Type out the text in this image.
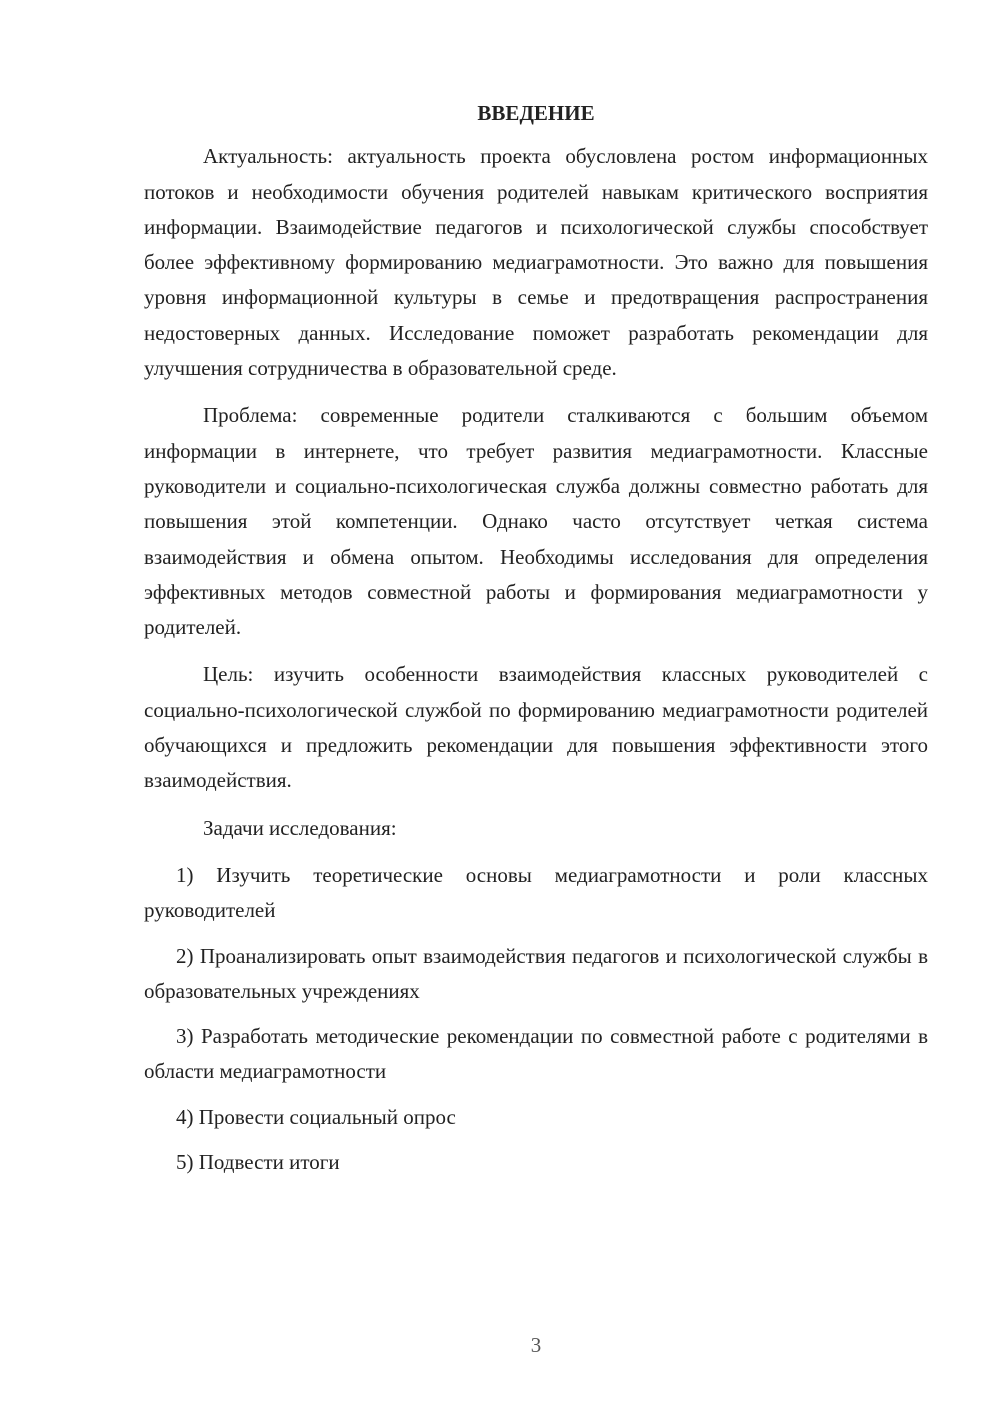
ВВЕДЕНИЕ

Актуальность: актуальность проекта обусловлена ростом информационных потоков и необходимости обучения родителей навыкам критического восприятия информации. Взаимодействие педагогов и психологической службы способствует более эффективному формированию медиаграмотности. Это важно для повышения уровня информационной культуры в семье и предотвращения распространения недостоверных данных. Исследование поможет разработать рекомендации для улучшения сотрудничества в образовательной среде.

Проблема: современные родители сталкиваются с большим объемом информации в интернете, что требует развития медиаграмотности. Классные руководители и социально-психологическая служба должны совместно работать для повышения этой компетенции. Однако часто отсутствует четкая система взаимодействия и обмена опытом. Необходимы исследования для определения эффективных методов совместной работы и формирования медиаграмотности у родителей.

Цель: изучить особенности взаимодействия классных руководителей с социально-психологической службой по формированию медиаграмотности родителей обучающихся и предложить рекомендации для повышения эффективности этого взаимодействия.

Задачи исследования:

1) Изучить теоретические основы медиаграмотности и роли классных руководителей

2) Проанализировать опыт взаимодействия педагогов и психологической службы в образовательных учреждениях

3) Разработать методические рекомендации по совместной работе с родителями в области медиаграмотности

4) Провести социальный опрос

5) Подвести итоги

3
